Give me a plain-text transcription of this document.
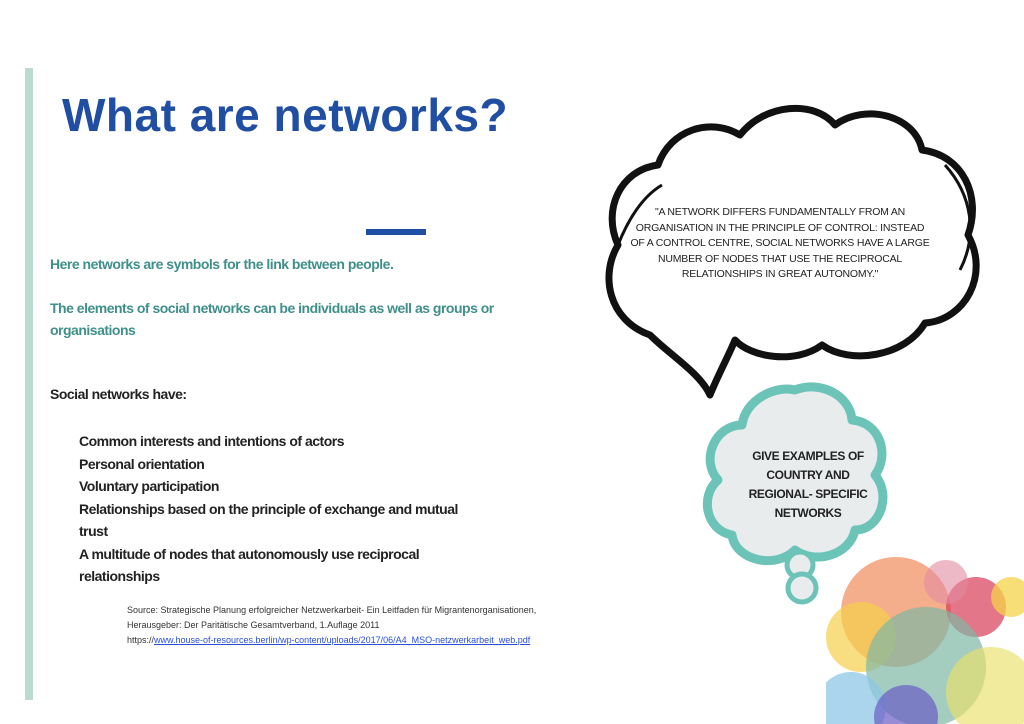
What are networks?
Here networks are symbols for the link between people.
The elements of social networks can be individuals as well as groups or organisations
Social networks have:
Common interests and intentions of actors
Personal orientation
Voluntary participation
Relationships based on the principle of exchange and mutual trust
A multitude of nodes that autonomously use reciprocal relationships
Source: Strategische Planung erfolgreicher Netzwerkarbeit- Ein Leitfaden für Migrantenorganisationen,
Herausgeber: Der Paritätische Gesamtverband, 1.Auflage 2011
https://www.house-of-resources.berlin/wp-content/uploads/2017/06/A4_MSO-netzwerkarbeit_web.pdf
"A NETWORK DIFFERS FUNDAMENTALLY FROM AN ORGANISATION IN THE PRINCIPLE OF CONTROL: INSTEAD OF A CONTROL CENTRE, SOCIAL NETWORKS HAVE A LARGE NUMBER OF NODES THAT USE THE RECIPROCAL RELATIONSHIPS IN GREAT AUTONOMY."
GIVE EXAMPLES OF COUNTRY AND REGIONAL- SPECIFIC NETWORKS
